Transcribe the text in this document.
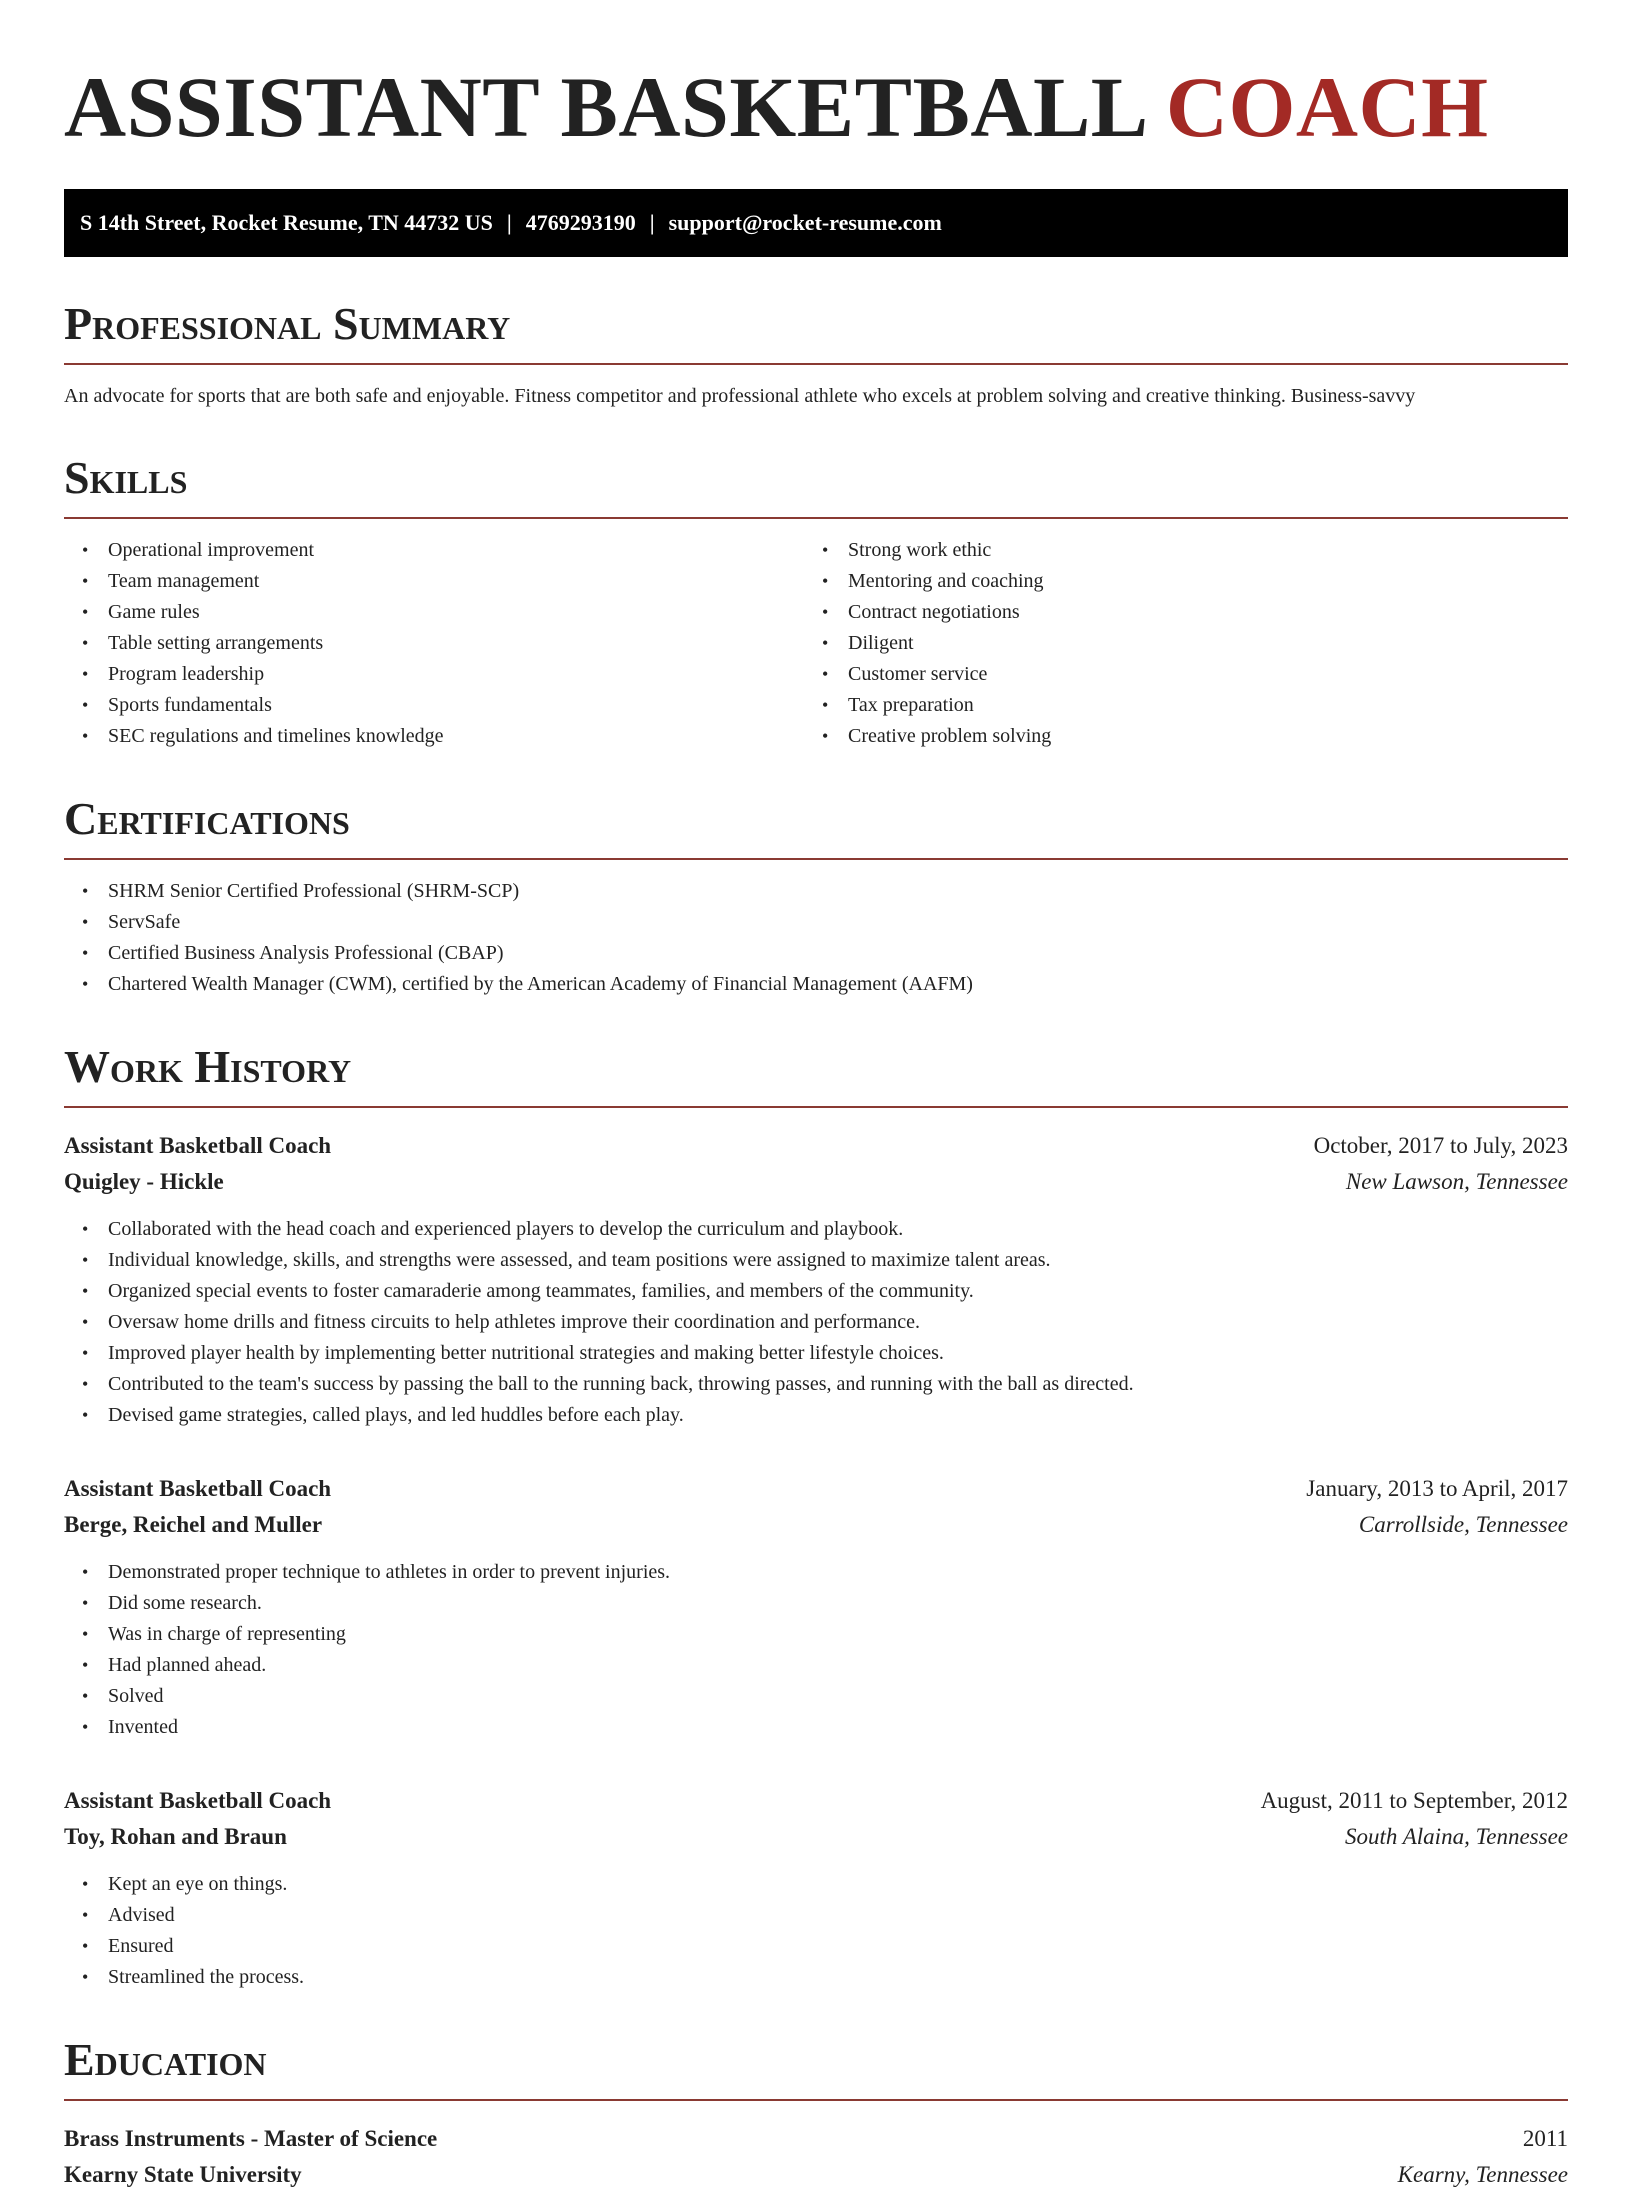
ASSISTANT BASKETBALL COACH
S 14th Street, Rocket Resume, TN 44732 US | 4769293190 | support@rocket-resume.com
Professional Summary
An advocate for sports that are both safe and enjoyable. Fitness competitor and professional athlete who excels at problem solving and creative thinking. Business-savvy
Skills
• Operational improvement
• Team management
• Game rules
• Table setting arrangements
• Program leadership
• Sports fundamentals
• SEC regulations and timelines knowledge
• Strong work ethic
• Mentoring and coaching
• Contract negotiations
• Diligent
• Customer service
• Tax preparation
• Creative problem solving
Certifications
• SHRM Senior Certified Professional (SHRM-SCP)
• ServSafe
• Certified Business Analysis Professional (CBAP)
• Chartered Wealth Manager (CWM), certified by the American Academy of Financial Management (AAFM)
Work History
Assistant Basketball Coach	October, 2017 to July, 2023
Quigley - Hickle	New Lawson, Tennessee
• Collaborated with the head coach and experienced players to develop the curriculum and playbook.
• Individual knowledge, skills, and strengths were assessed, and team positions were assigned to maximize talent areas.
• Organized special events to foster camaraderie among teammates, families, and members of the community.
• Oversaw home drills and fitness circuits to help athletes improve their coordination and performance.
• Improved player health by implementing better nutritional strategies and making better lifestyle choices.
• Contributed to the team's success by passing the ball to the running back, throwing passes, and running with the ball as directed.
• Devised game strategies, called plays, and led huddles before each play.
Assistant Basketball Coach	January, 2013 to April, 2017
Berge, Reichel and Muller	Carrollside, Tennessee
• Demonstrated proper technique to athletes in order to prevent injuries.
• Did some research.
• Was in charge of representing
• Had planned ahead.
• Solved
• Invented
Assistant Basketball Coach	August, 2011 to September, 2012
Toy, Rohan and Braun	South Alaina, Tennessee
• Kept an eye on things.
• Advised
• Ensured
• Streamlined the process.
Education
Brass Instruments - Master of Science	2011
Kearny State University	Kearny, Tennessee
